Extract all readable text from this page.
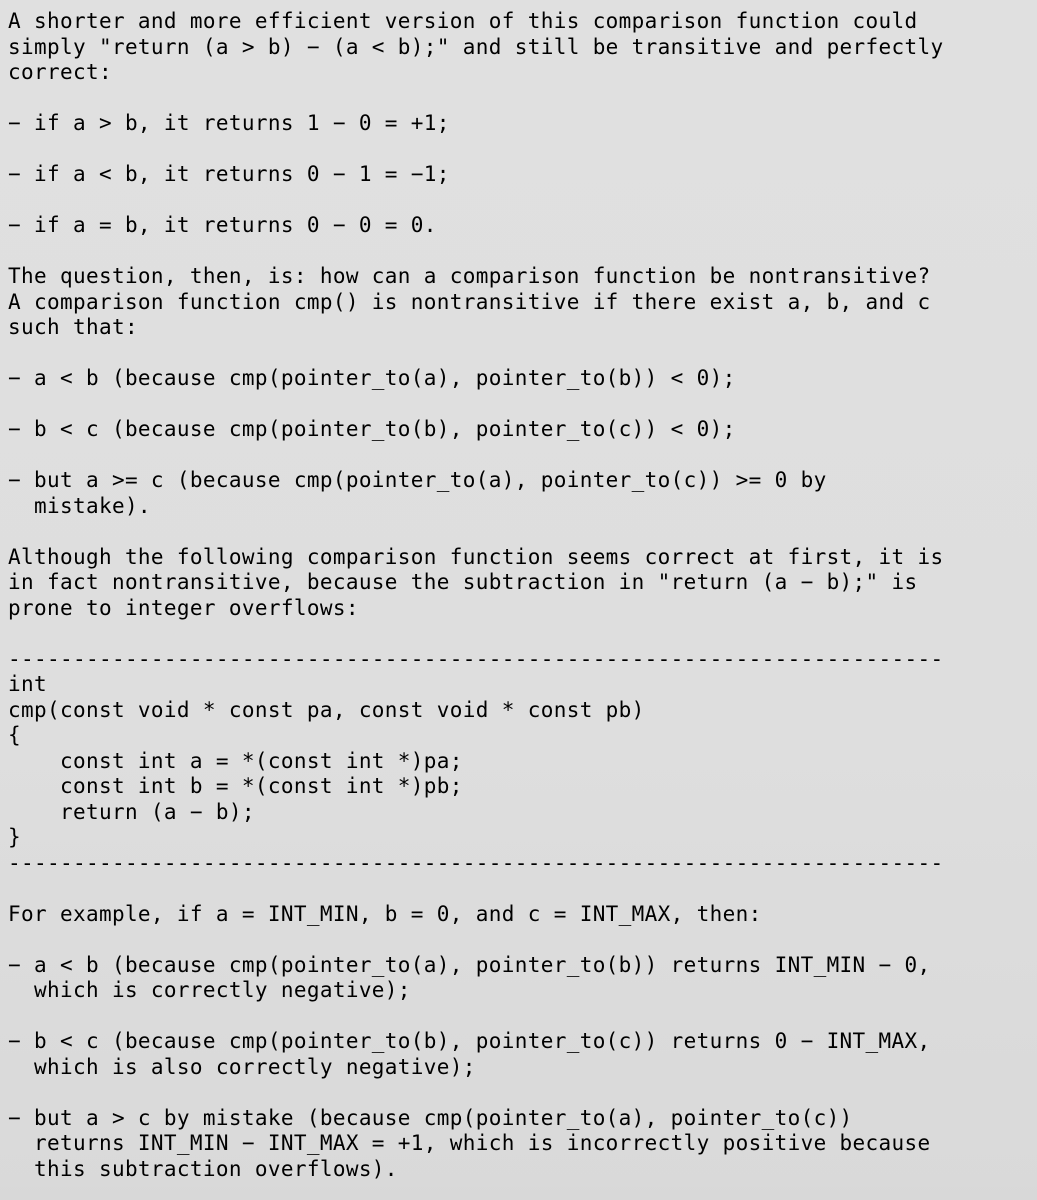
A shorter and more efficient version of this comparison function could
simply "return (a > b) − (a < b);" and still be transitive and perfectly
correct:

− if a > b, it returns 1 − 0 = +1;

− if a < b, it returns 0 − 1 = −1;

− if a = b, it returns 0 − 0 = 0.

The question, then, is: how can a comparison function be nontransitive?
A comparison function cmp() is nontransitive if there exist a, b, and c
such that:

− a < b (because cmp(pointer_to(a), pointer_to(b)) < 0);

− b < c (because cmp(pointer_to(b), pointer_to(c)) < 0);

− but a >= c (because cmp(pointer_to(a), pointer_to(c)) >= 0 by
mistake).

Although the following comparison function seems correct at first, it is
in fact nontransitive, because the subtraction in "return (a − b);" is
prone to integer overflows:

------------------------------------------------------------------------
int
cmp(const void * const pa, const void * const pb)
{
const int a = *(const int *)pa;
const int b = *(const int *)pb;
return (a − b);
}
------------------------------------------------------------------------

For example, if a = INT_MIN, b = 0, and c = INT_MAX, then:

− a < b (because cmp(pointer_to(a), pointer_to(b)) returns INT_MIN − 0,
which is correctly negative);

− b < c (because cmp(pointer_to(b), pointer_to(c)) returns 0 − INT_MAX,
which is also correctly negative);

− but a > c by mistake (because cmp(pointer_to(a), pointer_to(c))
returns INT_MIN − INT_MAX = +1, which is incorrectly positive because
this subtraction overflows).
